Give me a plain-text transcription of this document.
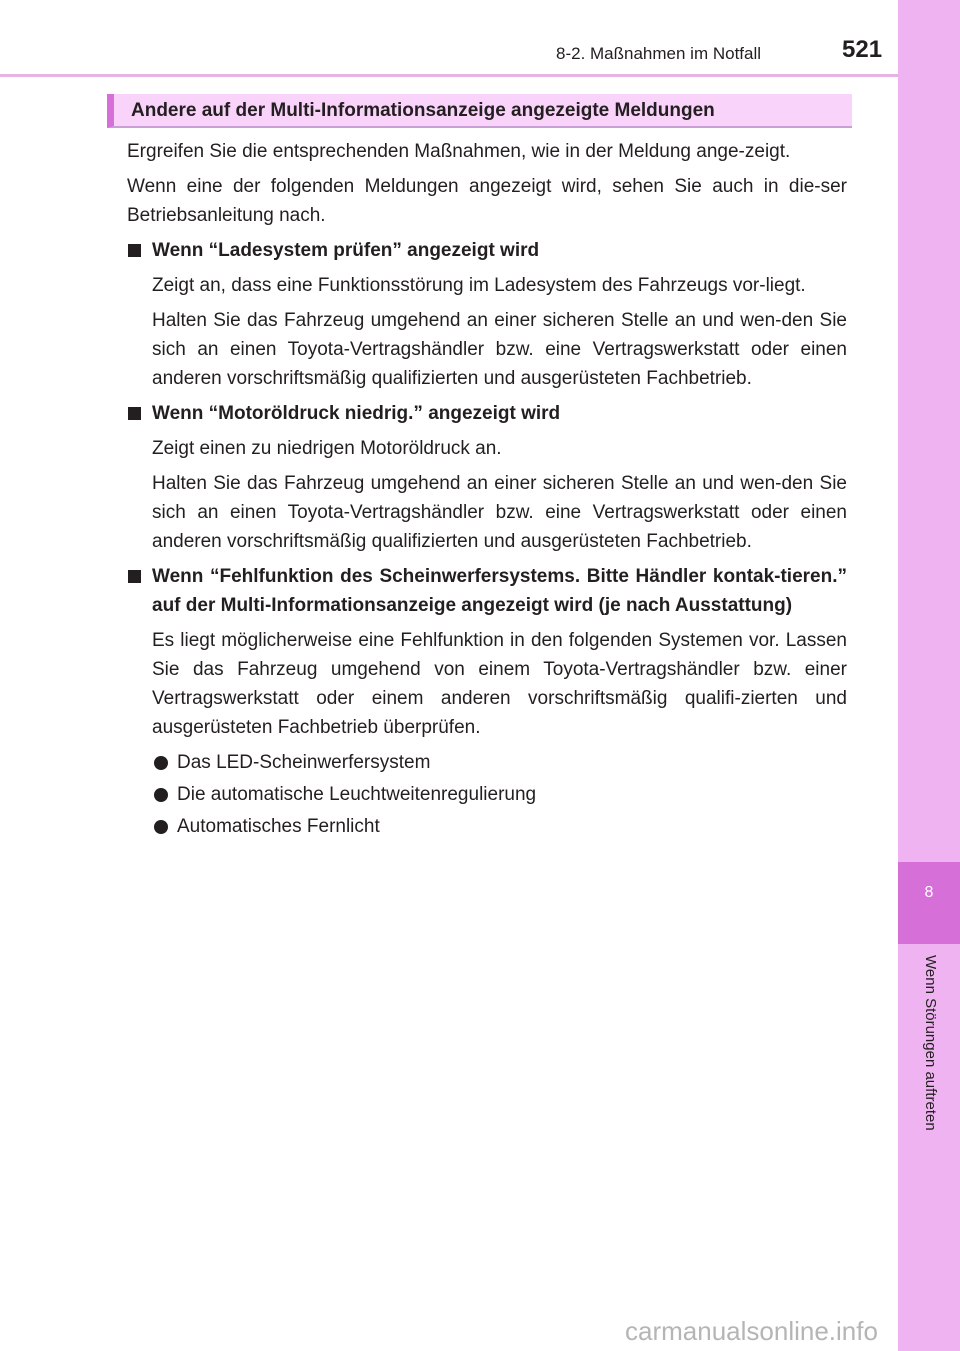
8
Wenn Störungen auftreten
8-2. Maßnahmen im Notfall	521
Andere auf der Multi-Informationsanzeige angezeigte Meldungen

Ergreifen Sie die entsprechenden Maßnahmen, wie in der Meldung ange-zeigt.

Wenn eine der folgenden Meldungen angezeigt wird, sehen Sie auch in die-ser Betriebsanleitung nach.

Wenn “Ladesystem prüfen” angezeigt wird

Zeigt an, dass eine Funktionsstörung im Ladesystem des Fahrzeugs vor-liegt.

Halten Sie das Fahrzeug umgehend an einer sicheren Stelle an und wen-den Sie sich an einen Toyota-Vertragshändler bzw. eine Vertragswerkstatt oder einen anderen vorschriftsmäßig qualifizierten und ausgerüsteten Fachbetrieb.

Wenn “Motoröldruck niedrig.” angezeigt wird

Zeigt einen zu niedrigen Motoröldruck an.

Halten Sie das Fahrzeug umgehend an einer sicheren Stelle an und wen-den Sie sich an einen Toyota-Vertragshändler bzw. eine Vertragswerkstatt oder einen anderen vorschriftsmäßig qualifizierten und ausgerüsteten Fachbetrieb.

Wenn “Fehlfunktion des Scheinwerfersystems. Bitte Händler kontak-tieren.” auf der Multi-Informationsanzeige angezeigt wird (je nach Ausstattung)

Es liegt möglicherweise eine Fehlfunktion in den folgenden Systemen vor. Lassen Sie das Fahrzeug umgehend von einem Toyota-Vertragshändler bzw. einer Vertragswerkstatt oder einem anderen vorschriftsmäßig qualifi-zierten und ausgerüsteten Fachbetrieb überprüfen.

Das LED-Scheinwerfersystem
Die automatische Leuchtweitenregulierung
Automatisches Fernlicht
carmanualsonline.info
